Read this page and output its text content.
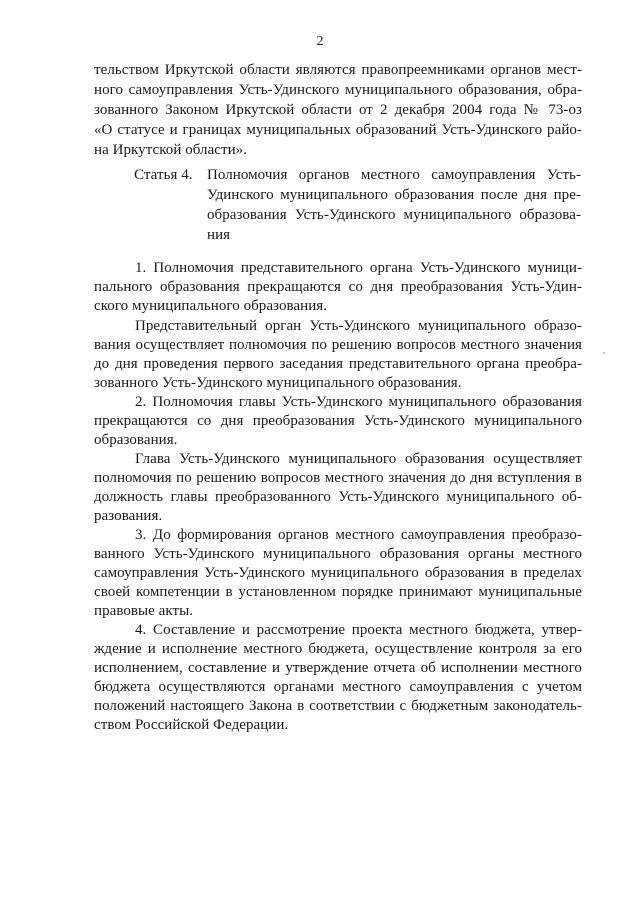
2
тельством Иркутской области являются правопреемниками органов мест-
ного самоуправления Усть-Удинского муниципального образования, обра-
зованного Законом Иркутской области от 2 декабря 2004 года № 73-оз
«О статусе и границах муниципальных образований Усть-Удинского райо-
на Иркутской области».
Статья 4. Полномочия органов местного самоуправления Усть-
Удинского муниципального образования после дня пре-
образования Усть-Удинского муниципального образова-
ния
1. Полномочия представительного органа Усть-Удинского муници-
пального образования прекращаются со дня преобразования Усть-Удин-
ского муниципального образования.
Представительный орган Усть-Удинского муниципального образо-
вания осуществляет полномочия по решению вопросов местного значения
до дня проведения первого заседания представительного органа преобра-
зованного Усть-Удинского муниципального образования.
2. Полномочия главы Усть-Удинского муниципального образования
прекращаются со дня преобразования Усть-Удинского муниципального
образования.
Глава Усть-Удинского муниципального образования осуществляет
полномочия по решению вопросов местного значения до дня вступления в
должность главы преобразованного Усть-Удинского муниципального об-
разования.
3. До формирования органов местного самоуправления преобразо-
ванного Усть-Удинского муниципального образования органы местного
самоуправления Усть-Удинского муниципального образования в пределах
своей компетенции в установленном порядке принимают муниципальные
правовые акты.
4. Составление и рассмотрение проекта местного бюджета, утвер-
ждение и исполнение местного бюджета, осуществление контроля за его
исполнением, составление и утверждение отчета об исполнении местного
бюджета осуществляются органами местного самоуправления с учетом
положений настоящего Закона в соответствии с бюджетным законодатель-
ством Российской Федерации.
